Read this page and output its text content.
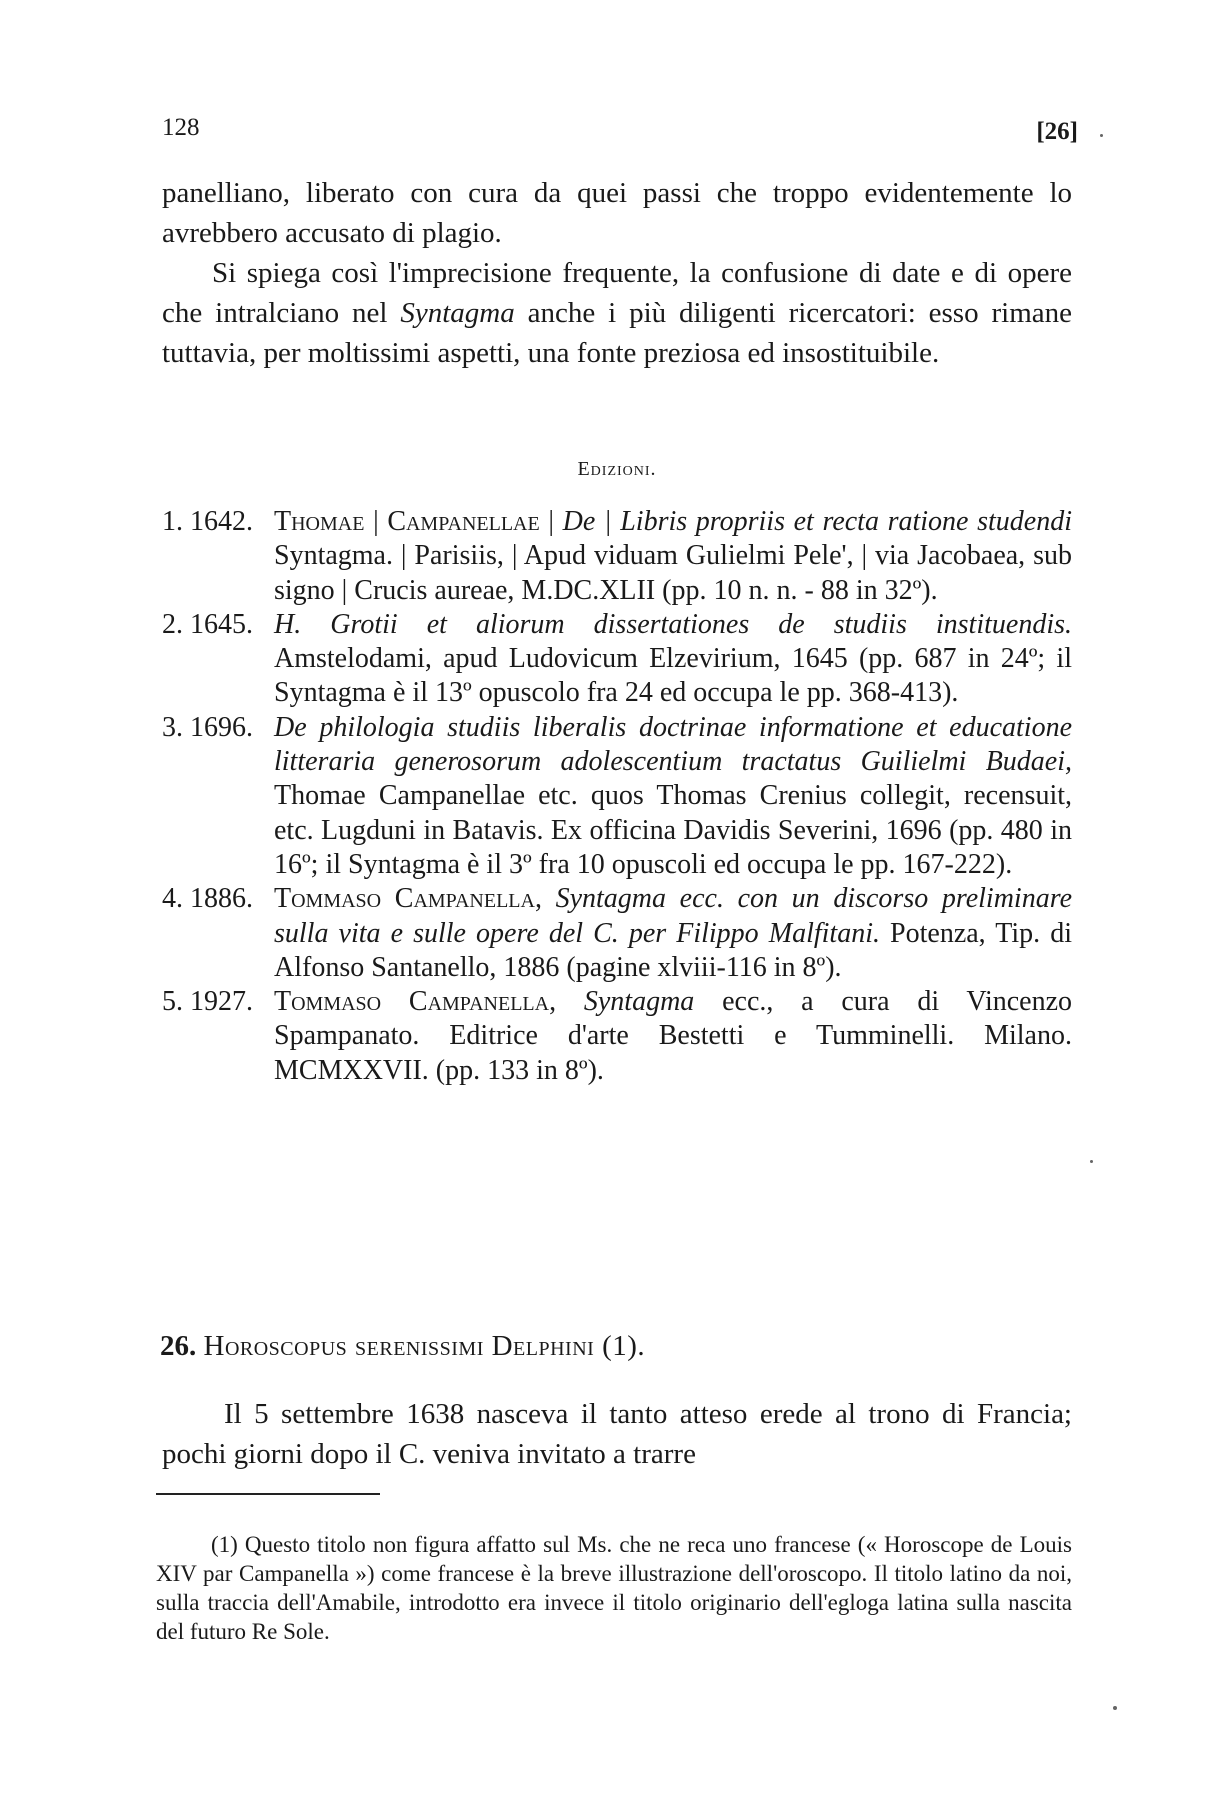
128	[26]

panelliano, liberato con cura da quei passi che troppo evidentemente lo avrebbero accusato di plagio.

Si spiega così l'imprecisione frequente, la confusione di date e di opere che intralciano nel Syntagma anche i più diligenti ricercatori: esso rimane tuttavia, per moltissimi aspetti, una fonte preziosa ed insostituibile.

Edizioni.
1. 1642. Thomae | Campanellae | De | Libris propriis et recta ratione studendi Syntagma. | Parisiis, | Apud viduam Gulielmi Pele', | via Jacobaea, sub signo | Crucis aureae, M.DC.XLII (pp. 10 n. n. - 88 in 32º).
2. 1645. H. Grotii et aliorum dissertationes de studiis instituendis. Amstelodami, apud Ludovicum Elzevirium, 1645 (pp. 687 in 24º; il Syntagma è il 13º opuscolo fra 24 ed occupa le pp. 368-413).
3. 1696. De philologia studiis liberalis doctrinae informatione et educatione litteraria generosorum adolescentium tractatus Guilielmi Budaei, Thomae Campanellae etc. quos Thomas Crenius collegit, recensuit, etc. Lugduni in Batavis. Ex officina Davidis Severini, 1696 (pp. 480 in 16º; il Syntagma è il 3º fra 10 opuscoli ed occupa le pp. 167-222).
4. 1886. Tommaso Campanella, Syntagma ecc. con un discorso preliminare sulla vita e sulle opere del C. per Filippo Malfitani. Potenza, Tip. di Alfonso Santanello, 1886 (pagine xlviii-116 in 8º).
5. 1927. Tommaso Campanella, Syntagma ecc., a cura di Vincenzo Spampanato. Editrice d'arte Bestetti e Tumminelli. Milano. MCMXXVII. (pp. 133 in 8º).
26. Horoscopus serenissimi Delphini (1).

Il 5 settembre 1638 nasceva il tanto atteso erede al trono di Francia; pochi giorni dopo il C. veniva invitato a trarre

(1) Questo titolo non figura affatto sul Ms. che ne reca uno francese (« Horoscope de Louis XIV par Campanella ») come francese è la breve illustrazione dell'oroscopo. Il titolo latino da noi, sulla traccia dell'Amabile, introdotto era invece il titolo originario dell'egloga latina sulla nascita del futuro Re Sole.
